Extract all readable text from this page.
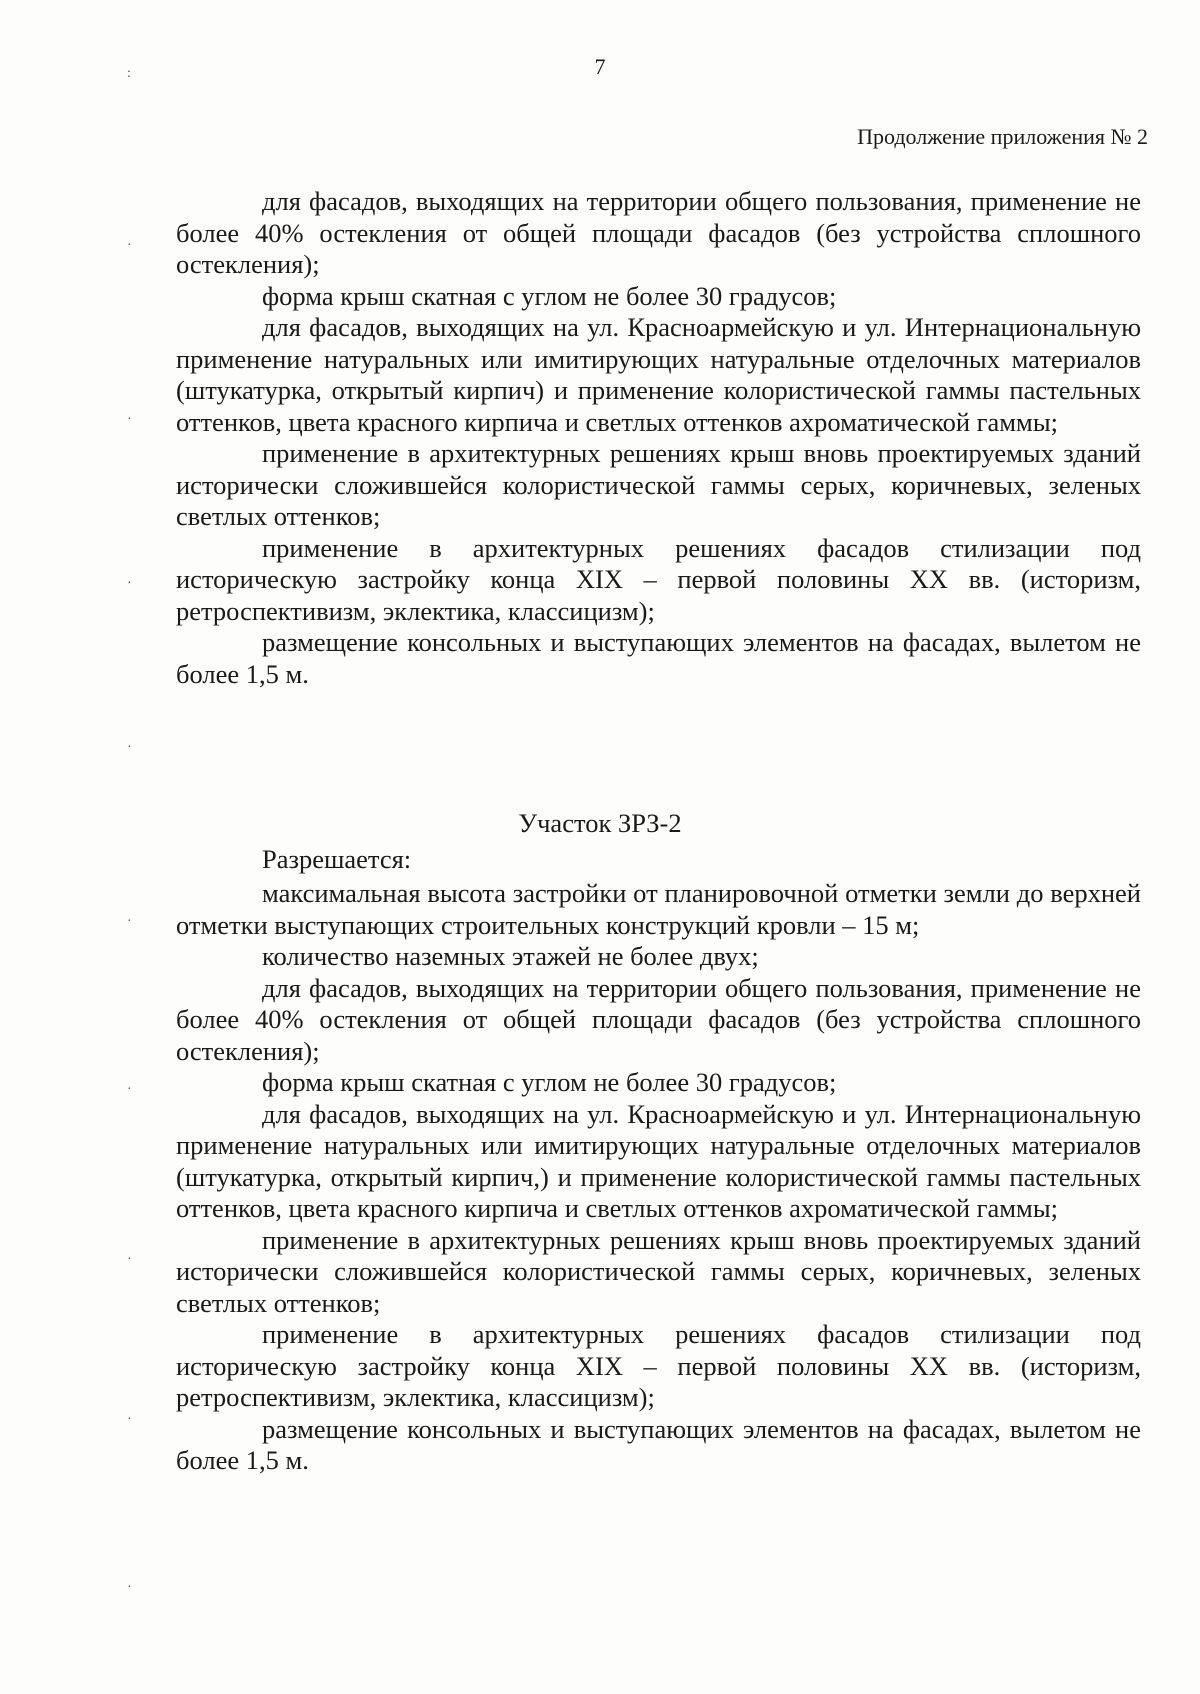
7
Продолжение приложения № 2

для фасадов, выходящих на территории общего пользования, применение не более 40% остекления от общей площади фасадов (без устройства сплошного остекления);

форма крыш скатная с углом не более 30 градусов;

для фасадов, выходящих на ул. Красноармейскую и ул. Интернациональную применение натуральных или имитирующих натуральные отделочных материалов (штукатурка, открытый кирпич) и применение колористической гаммы пастельных оттенков, цвета красного кирпича и светлых оттенков ахроматической гаммы;

применение в архитектурных решениях крыш вновь проектируемых зданий исторически сложившейся колористической гаммы серых, коричневых, зеленых светлых оттенков;

применение в архитектурных решениях фасадов стилизации под историческую застройку конца XIX – первой половины XX вв. (историзм, ретроспективизм, эклектика, классицизм);

размещение консольных и выступающих элементов на фасадах, вылетом не более 1,5 м.

Участок ЗРЗ-2
Разрешается:

максимальная высота застройки от планировочной отметки земли до верхней отметки выступающих строительных конструкций кровли – 15 м;

количество наземных этажей не более двух;

для фасадов, выходящих на территории общего пользования, применение не более 40% остекления от общей площади фасадов (без устройства сплошного остекления);

форма крыш скатная с углом не более 30 градусов;

для фасадов, выходящих на ул. Красноармейскую и ул. Интернациональную применение натуральных или имитирующих натуральные отделочных материалов (штукатурка, открытый кирпич,) и применение колористической гаммы пастельных оттенков, цвета красного кирпича и светлых оттенков ахроматической гаммы;

применение в архитектурных решениях крыш вновь проектируемых зданий исторически сложившейся колористической гаммы серых, коричневых, зеленых светлых оттенков;

применение в архитектурных решениях фасадов стилизации под историческую застройку конца XIX – первой половины XX вв. (историзм, ретроспективизм, эклектика, классицизм);

размещение консольных и выступающих элементов на фасадах, вылетом не более 1,5 м.

:
·
·
·
·
·
·
·
·
·
